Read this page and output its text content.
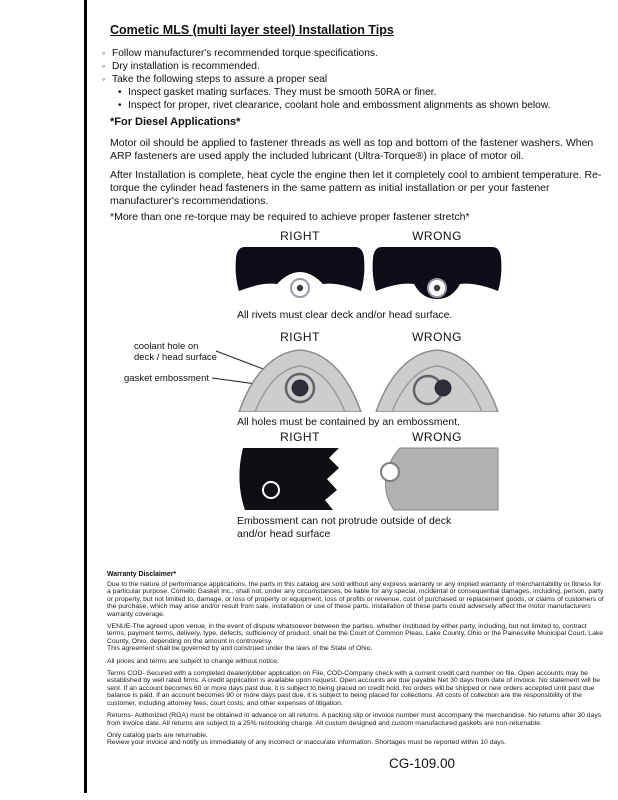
Cometic MLS (multi layer steel) Installation Tips
◦ Follow manufacturer's recommended torque specifications.
◦ Dry installation is recommended.
◦ Take the following steps to assure a proper seal
• Inspect gasket mating surfaces. They must be smooth 50RA or finer.
• Inspect for proper, rivet clearance, coolant hole and embossment alignments as shown below.
*For Diesel Applications*

Motor oil should be applied to fastener threads as well as top and bottom of the fastener washers. When ARP fasteners are used apply the included lubricant (Ultra-Torque®) in place of motor oil.

After Installation is complete, heat cycle the engine then let it completely cool to ambient temperature. Re-torque the cylinder head fasteners in the same pattern as initial installation or per your fastener manufacturer's recommendations.

*More than one re-torque may be required to achieve proper fastener stretch*

RIGHT	WRONG
All rivets must clear deck and/or head surface.
RIGHT	WRONG
coolant hole on deck / head surface
gasket embossment
All holes must be contained by an embossment.
RIGHT	WRONG
Embossment can not protrude outside of deck and/or head surface
Warranty Disclaimer*

Due to the nature of performance applications, the parts in this catalog are sold without any express warranty or any implied warranty of merchantability or fitness for a particular purpose. Cometic Gasket Inc., shall not, under any circumstances, be liable for any special, incidental or consequential damages, including, person, party or property, but not limited to, damage, or loss of property or equipment, loss of profits or revenue, cost of purchased or replacement goods, or claims of customers of the purchase, which may arise and/or result from sale, installation or use of these parts. Installation of these parts could adversely affect the motor manufacturers warranty coverage.

VENUE-The agreed upon venue, in the event of dispute whatsoever between the parties, whether instituted by either party, including, but not limited to, contract terms, payment terms, delivery, type, defects, sufficiency of product, shall be the Court of Common Pleas, Lake County, Ohio or the Painesville Municipal Court, Lake County, Ohio, depending on the amount in controversy.

This agreement shall be governed by and construed under the laws of the State of Ohio.

All prices and terms are subject to change without notice.

Terms COD- Secured with a completed dealer/jobber application on File, COD-Company check with a current credit card number on file. Open accounts may be established by well rated firms. A credit application is available upon request. Open accounts are due payable Net 30 days from date of invoice. No statement will be sent. If an account becomes 60 or more days past due, it is subject to being placed on credit hold. No orders will be shipped or new orders accepted until past due balance is paid. If an account becomes 90 or more days past due, it is subject to being placed for collections. All costs of collection are the responsibility of the customer, including attorney fees, court costs, and other expenses of litigation.

Returns- Authorized (RGA) must be obtained in advance on all returns. A packing slip or invoice number must accompany the merchandise. No returns after 30 days from invoice date. All returns are subject to a 25% restocking charge. All custom designed and custom manufactured gaskets are non-returnable.

Only catalog parts are returnable.

Review your invoice and notify us immediately of any incorrect or inaccurate information. Shortages must be reported within 10 days.

CG-109.00
